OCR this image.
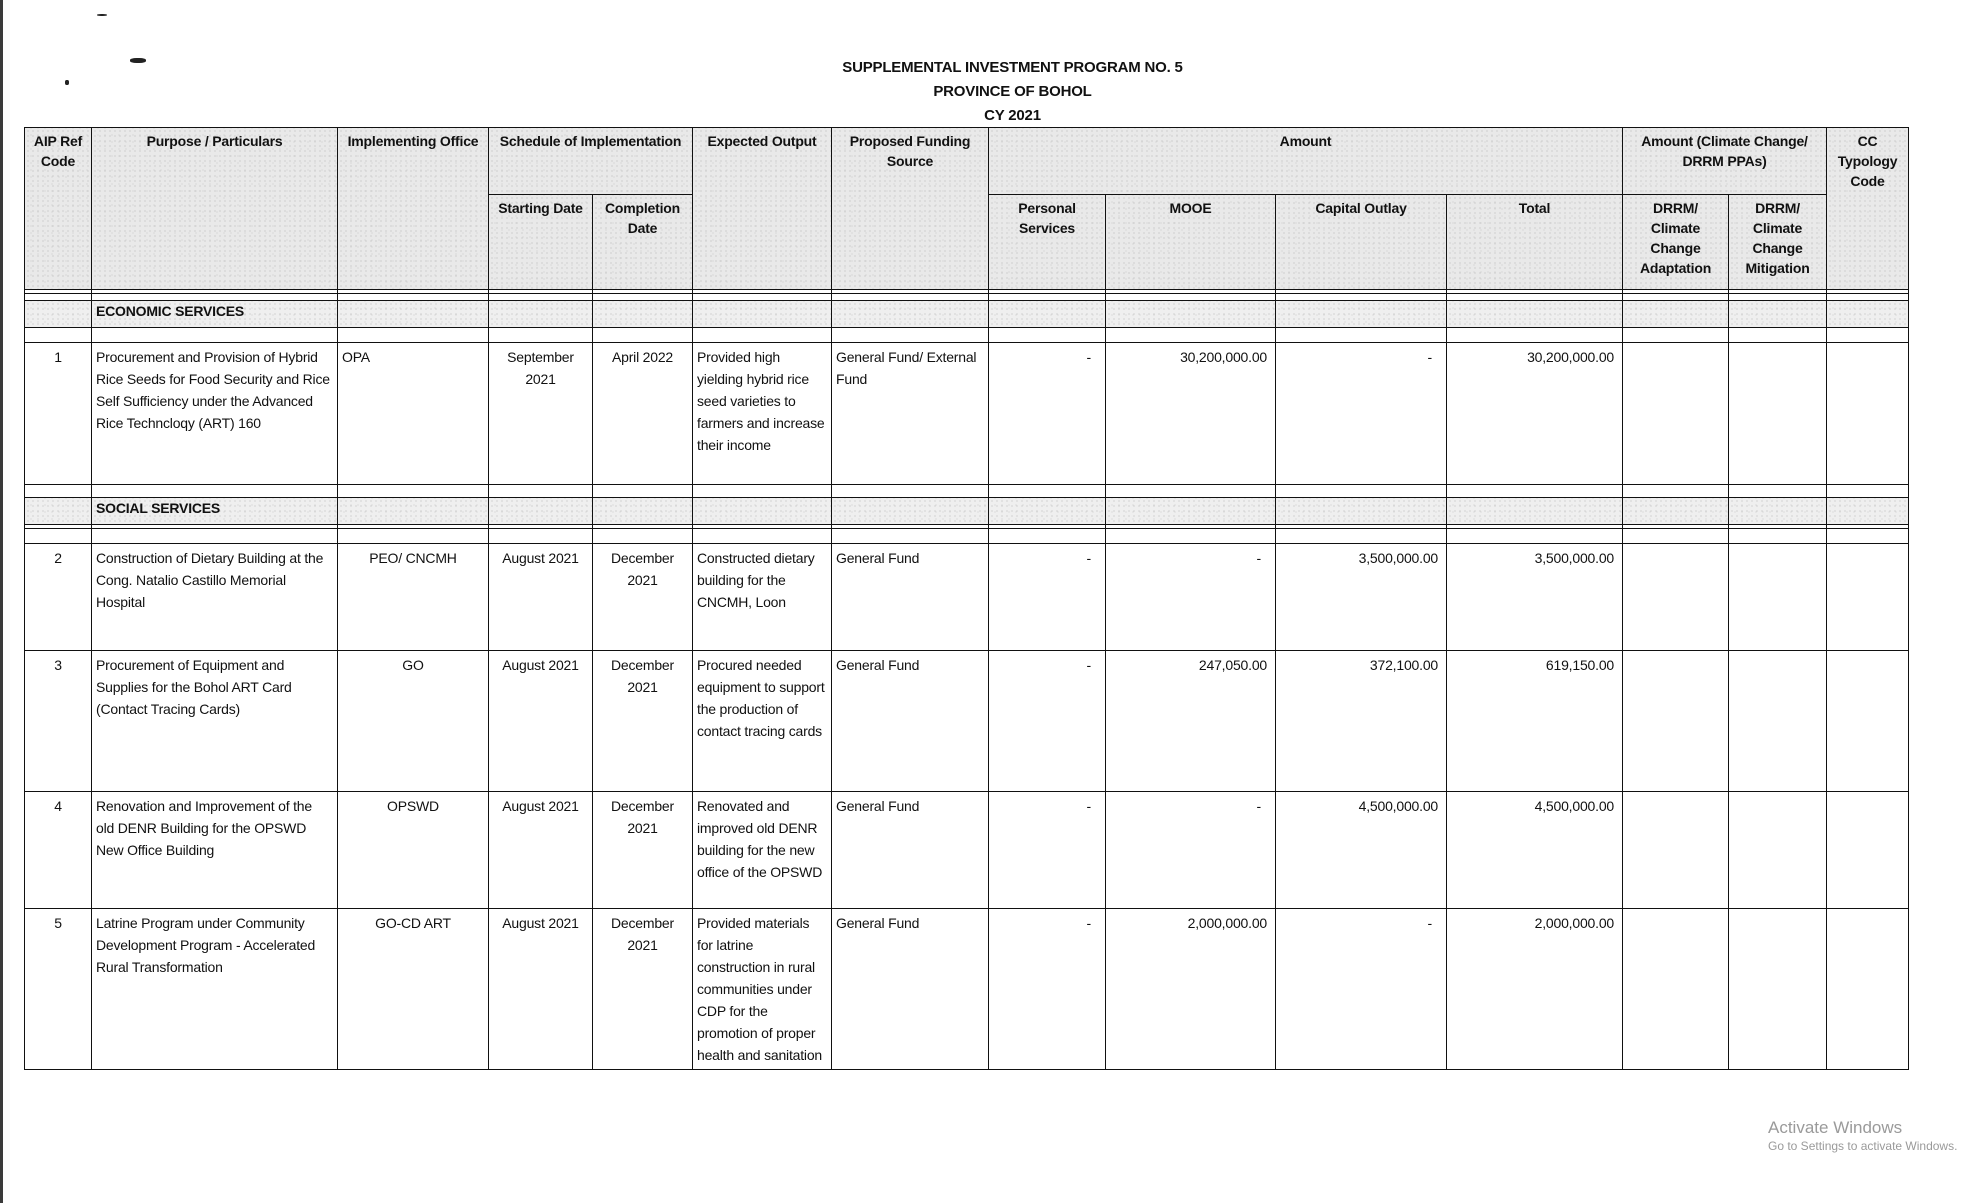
SUPPLEMENTAL INVESTMENT PROGRAM NO. 5
PROVINCE OF BOHOL
CY 2021
AIP Ref Code	Purpose / Particulars	Implementing Office	Schedule of Implementation		Expected Output	Proposed Funding Source	Amount				Amount (Climate Change/ DRRM PPAs)		CC Typology Code
			Starting Date	Completion Date			Personal Services	MOOE	Capital Outlay	Total	DRRM/ Climate Change Adaptation	DRRM/ Climate Change Mitigation	

	ECONOMIC SERVICES												

1	Procurement and Provision of Hybrid Rice Seeds for Food Security and Rice Self Sufficiency under the Advanced Rice Techncloqy (ART) 160	OPA	September 2021	April 2022	Provided high yielding hybrid rice seed varieties to farmers and increase their income	General Fund/ External Fund	-	30,200,000.00	-	30,200,000.00			

	SOCIAL SERVICES												

2	Construction of Dietary Building at the Cong. Natalio Castillo Memorial Hospital	PEO/ CNCMH	August 2021	December 2021	Constructed dietary building for the CNCMH, Loon	General Fund	-	-	3,500,000.00	3,500,000.00			
3	Procurement of Equipment and Supplies for the Bohol ART Card (Contact Tracing Cards)	GO	August 2021	December 2021	Procured needed equipment to support the production of contact tracing cards	General Fund	-	247,050.00	372,100.00	619,150.00			
4	Renovation and Improvement of the old DENR Building for the OPSWD New Office Building	OPSWD	August 2021	December 2021	Renovated and improved old DENR building for the new office of the OPSWD	General Fund	-	-	4,500,000.00	4,500,000.00			
5	Latrine Program under Community Development Program - Accelerated Rural Transformation	GO-CD ART	August 2021	December 2021	Provided materials for latrine construction in rural communities under CDP for the promotion of proper health and sanitation	General Fund	-	2,000,000.00	-	2,000,000.00			
Activate Windows
Go to Settings to activate Windows.
